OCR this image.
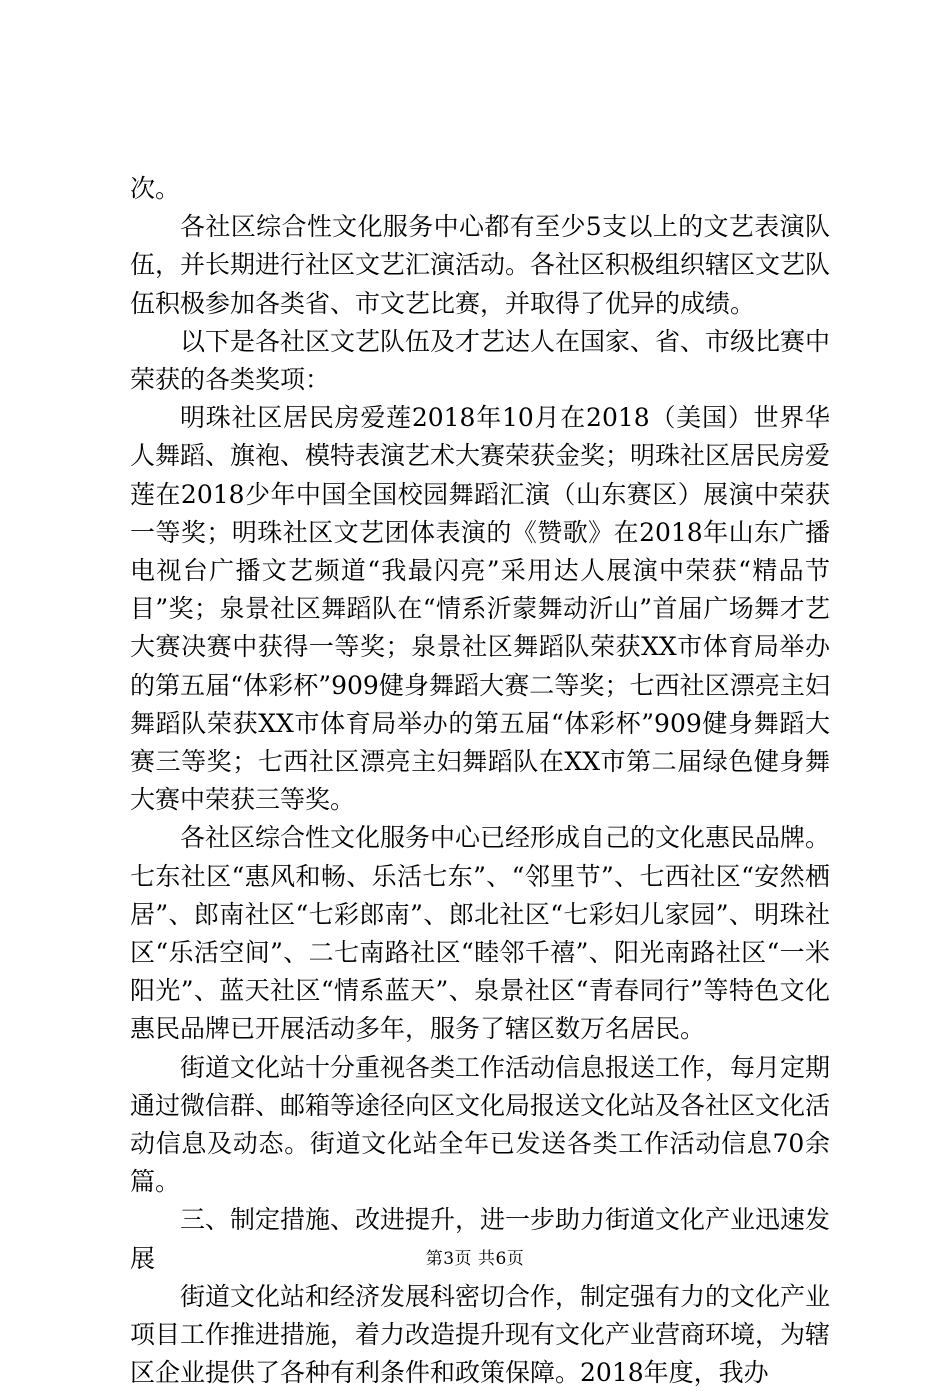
次。

各社区综合性文化服务中心都有至少5支以上的文艺表演队伍，并长期进行社区文艺汇演活动。各社区积极组织辖区文艺队伍积极参加各类省、市文艺比赛，并取得了优异的成绩。

以下是各社区文艺队伍及才艺达人在国家、省、市级比赛中荣获的各类奖项：

明珠社区居民房爱莲2018年10月在2018（美国）世界华人舞蹈、旗袍、模特表演艺术大赛荣获金奖；明珠社区居民房爱莲在2018少年中国全国校园舞蹈汇演（山东赛区）展演中荣获一等奖；明珠社区文艺团体表演的《赞歌》在2018年山东广播电视台广播文艺频道“我最闪亮”采用达人展演中荣获“精品节目”奖；泉景社区舞蹈队在“情系沂蒙舞动沂山”首届广场舞才艺大赛决赛中获得一等奖；泉景社区舞蹈队荣获XX市体育局举办的第五届“体彩杯”909健身舞蹈大赛二等奖；七西社区漂亮主妇舞蹈队荣获XX市体育局举办的第五届“体彩杯”909健身舞蹈大赛三等奖；七西社区漂亮主妇舞蹈队在XX市第二届绿色健身舞大赛中荣获三等奖。

各社区综合性文化服务中心已经形成自己的文化惠民品牌。七东社区“惠风和畅、乐活七东”、“邻里节”、七西社区“安然栖居”、郎南社区“七彩郎南”、郎北社区“七彩妇儿家园”、明珠社区“乐活空间”、二七南路社区“睦邻千禧”、阳光南路社区“一米阳光”、蓝天社区“情系蓝天”、泉景社区“青春同行”等特色文化惠民品牌已开展活动多年，服务了辖区数万名居民。

街道文化站十分重视各类工作活动信息报送工作，每月定期通过微信群、邮箱等途径向区文化局报送文化站及各社区文化活动信息及动态。街道文化站全年已发送各类工作活动信息70余篇。

三、制定措施、改进提升，进一步助力街道文化产业迅速发展

街道文化站和经济发展科密切合作，制定强有力的文化产业项目工作推进措施，着力改造提升现有文化产业营商环境，为辖区企业提供了各种有利条件和政策保障。2018年度，我办

第3页 共6页
